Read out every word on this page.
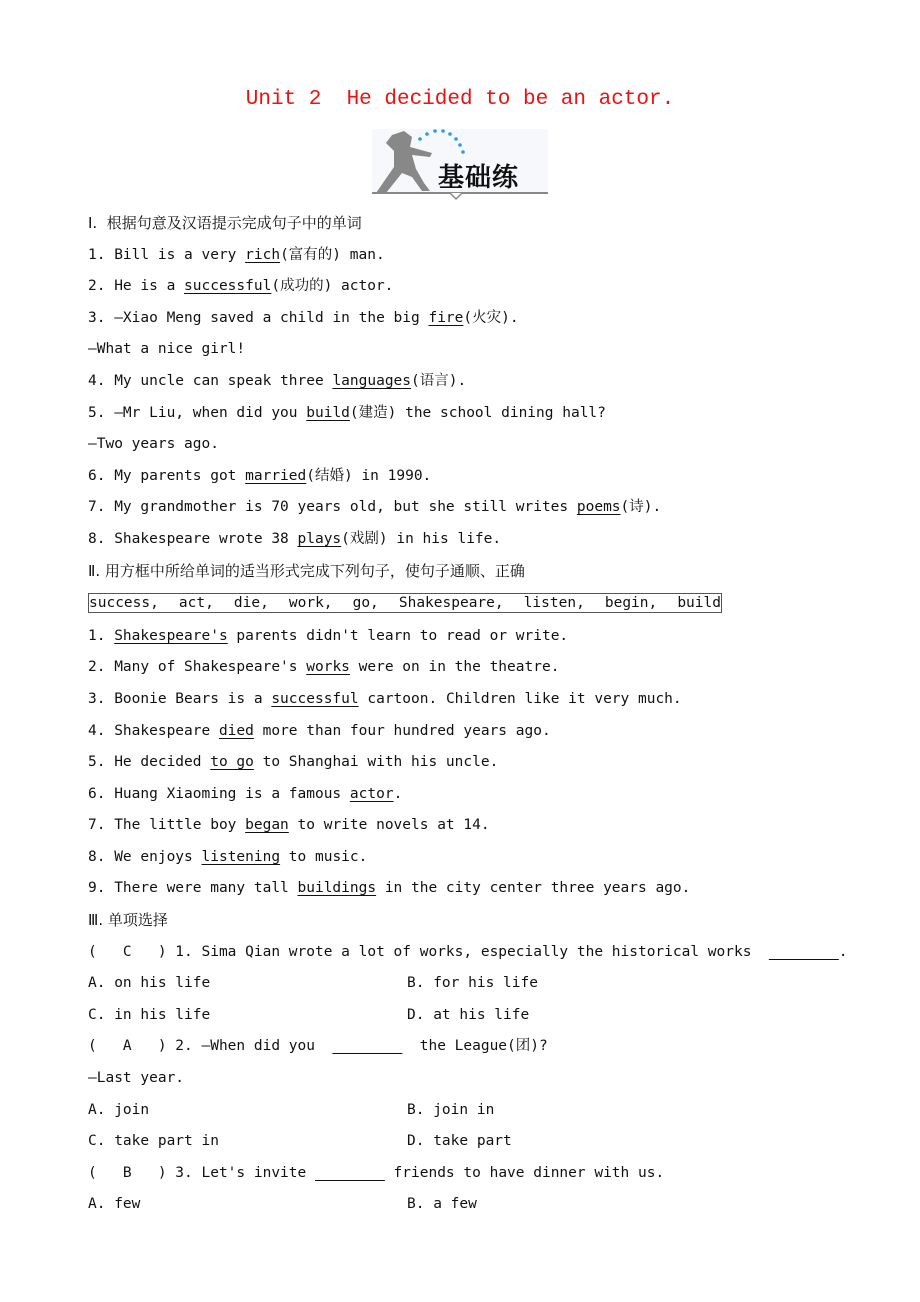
Unit 2  He decided to be an actor.
基础练
Ⅰ.  根据句意及汉语提示完成句子中的单词
1. Bill is a very rich(富有的) man.
2. He is a successful(成功的) actor.
3. —Xiao Meng saved a child in the big fire(火灾).
—What a nice girl!
4. My uncle can speak three languages(语言).
5. —Mr Liu, when did you build(建造) the school dining hall?
—Two years ago.
6. My parents got married(结婚) in 1990.
7. My grandmother is 70 years old, but she still writes poems(诗).
8. Shakespeare wrote 38 plays(戏剧) in his life.
Ⅱ. 用方框中所给单词的适当形式完成下列句子，使句子通顺、正确
success, act, die, work, go, Shakespeare, listen, begin, build
1. Shakespeare's parents didn't learn to read or write.
2. Many of Shakespeare's works were on in the theatre.
3. Boonie Bears is a successful cartoon. Children like it very much.
4. Shakespeare died more than four hundred years ago.
5. He decided to go to Shanghai with his uncle.
6. Huang Xiaoming is a famous actor.
7. The little boy began to write novels at 14.
8. We enjoys listening to music.
9. There were many tall buildings in the city center three years ago.
Ⅲ. 单项选择
(   C   ) 1. Sima Qian wrote a lot of works, especially the historical works  ________.
A. on his life	B. for his life
C. in his life	D. at his life
(   A   ) 2. —When did you  ________  the League(团)?
—Last year.
A. join	B. join in
C. take part in	D. take part
(   B   ) 3. Let's invite ________ friends to have dinner with us.
A. few	B. a few
